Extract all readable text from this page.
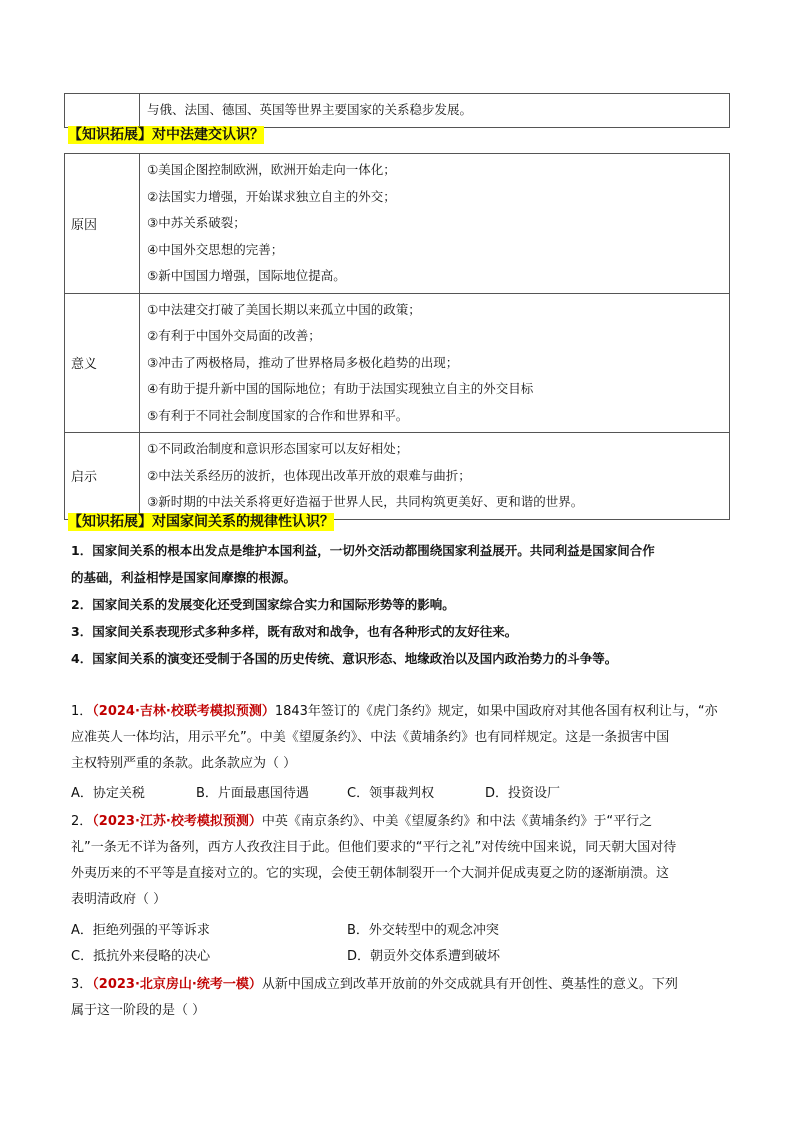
与俄、法国、德国、英国等世界主要国家的关系稳步发展。
【知识拓展】对中法建交认识？
原因	①美国企图控制欧洲，欧洲开始走向一体化；
②法国实力增强，开始谋求独立自主的外交；
③中苏关系破裂；
④中国外交思想的完善；
⑤新中国国力增强，国际地位提高。

意义	①中法建交打破了美国长期以来孤立中国的政策；
②有利于中国外交局面的改善；
③冲击了两极格局，推动了世界格局多极化趋势的出现；
④有助于提升新中国的国际地位；有助于法国实现独立自主的外交目标
⑤有利于不同社会制度国家的合作和世界和平。

启示	①不同政治制度和意识形态国家可以友好相处；
②中法关系经历的波折，也体现出改革开放的艰难与曲折；
③新时期的中法关系将更好造福于世界人民，共同构筑更美好、更和谐的世界。
【知识拓展】对国家间关系的规律性认识？
1．国家间关系的根本出发点是维护本国利益，一切外交活动都围绕国家利益展开。共同利益是国家间合作
的基础，利益相悖是国家间摩擦的根源。
2．国家间关系的发展变化还受到国家综合实力和国际形势等的影响。
3．国家间关系表现形式多种多样，既有敌对和战争，也有各种形式的友好往来。
4．国家间关系的演变还受制于各国的历史传统、意识形态、地缘政治以及国内政治势力的斗争等。
1．（2024·吉林·校联考模拟预测）1843年签订的《虎门条约》规定，如果中国政府对其他各国有权利让与，“亦
应准英人一体均沾，用示平允”。中美《望厦条约》、中法《黄埔条约》也有同样规定。这是一条损害中国
主权特别严重的条款。此条款应为（ ）
A．协定关税	B．片面最惠国待遇	C．领事裁判权	D．投资设厂
2．（2023·江苏·校考模拟预测）中英《南京条约》、中美《望厦条约》和中法《黄埔条约》于“平行之
礼”一条无不详为备列，西方人孜孜注目于此。但他们要求的“平行之礼”对传统中国来说，同天朝大国对待
外夷历来的不平等是直接对立的。它的实现，会使王朝体制裂开一个大洞并促成夷夏之防的逐渐崩溃。这
表明清政府（ ）
A．拒绝列强的平等诉求	B．外交转型中的观念冲突
C．抵抗外来侵略的决心	D．朝贡外交体系遭到破坏
3．（2023·北京房山·统考一模）从新中国成立到改革开放前的外交成就具有开创性、奠基性的意义。下列
属于这一阶段的是（ ）
